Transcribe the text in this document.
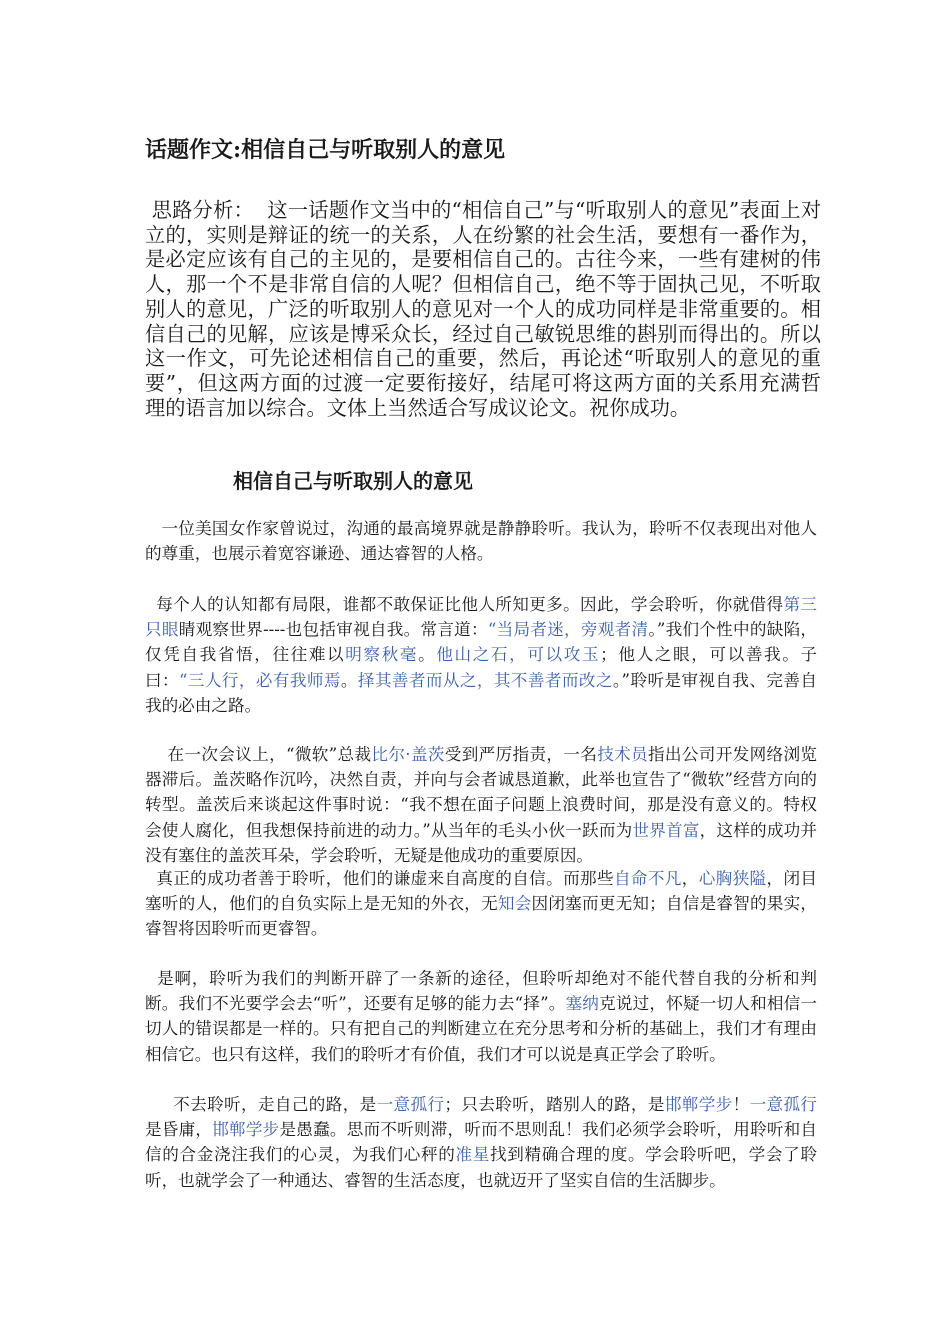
话题作文:相信自己与听取别人的意见
思路分析：  这一话题作文当中的“相信自己”与“听取别人的意见”表面上对立的，实则是辩证的统一的关系，人在纷繁的社会生活，要想有一番作为，是必定应该有自己的主见的，是要相信自己的。古往今来，一些有建树的伟人，那一个不是非常自信的人呢？但相信自己，绝不等于固执己见，不听取别人的意见，广泛的听取别人的意见对一个人的成功同样是非常重要的。相信自己的见解，应该是博采众长，经过自己敏锐思维的斟别而得出的。所以这一作文，可先论述相信自己的重要，然后，再论述“听取别人的意见的重要”，但这两方面的过渡一定要衔接好，结尾可将这两方面的关系用充满哲理的语言加以综合。文体上当然适合写成议论文。祝你成功。
相信自己与听取别人的意见

一位美国女作家曾说过，沟通的最高境界就是静静聆听。我认为，聆听不仅表现出对他人的尊重，也展示着宽容谦逊、通达睿智的人格。

每个人的认知都有局限，谁都不敢保证比他人所知更多。因此，学会聆听，你就借得第三只眼睛观察世界----也包括审视自我。常言道：“当局者迷，旁观者清。”我们个性中的缺陷，仅凭自我省悟，往往难以明察秋毫。他山之石，可以攻玉；他人之眼，可以善我。子曰：“三人行，必有我师焉。择其善者而从之，其不善者而改之。”聆听是审视自我、完善自我的必由之路。

在一次会议上，“微软”总裁比尔·盖茨受到严厉指责，一名技术员指出公司开发网络浏览器滞后。盖茨略作沉吟，决然自责，并向与会者诚恳道歉，此举也宣告了“微软”经营方向的转型。盖茨后来谈起这件事时说：“我不想在面子问题上浪费时间，那是没有意义的。特权会使人腐化，但我想保持前进的动力。”从当年的毛头小伙一跃而为世界首富，这样的成功并没有塞住的盖茨耳朵，学会聆听，无疑是他成功的重要原因。

真正的成功者善于聆听，他们的谦虚来自高度的自信。而那些自命不凡，心胸狭隘，闭目塞听的人，他们的自负实际上是无知的外衣，无知会因闭塞而更无知；自信是睿智的果实，睿智将因聆听而更睿智。

是啊，聆听为我们的判断开辟了一条新的途径，但聆听却绝对不能代替自我的分析和判断。我们不光要学会去“听”，还要有足够的能力去“择”。塞纳克说过，怀疑一切人和相信一切人的错误都是一样的。只有把自己的判断建立在充分思考和分析的基础上，我们才有理由相信它。也只有这样，我们的聆听才有价值，我们才可以说是真正学会了聆听。

不去聆听，走自己的路，是一意孤行；只去聆听，踏别人的路，是邯郸学步！一意孤行是昏庸，邯郸学步是愚蠢。思而不听则滞，听而不思则乱！我们必须学会聆听，用聆听和自信的合金浇注我们的心灵，为我们心秤的准星找到精确合理的度。学会聆听吧，学会了聆听，也就学会了一种通达、睿智的生活态度，也就迈开了坚实自信的生活脚步。
